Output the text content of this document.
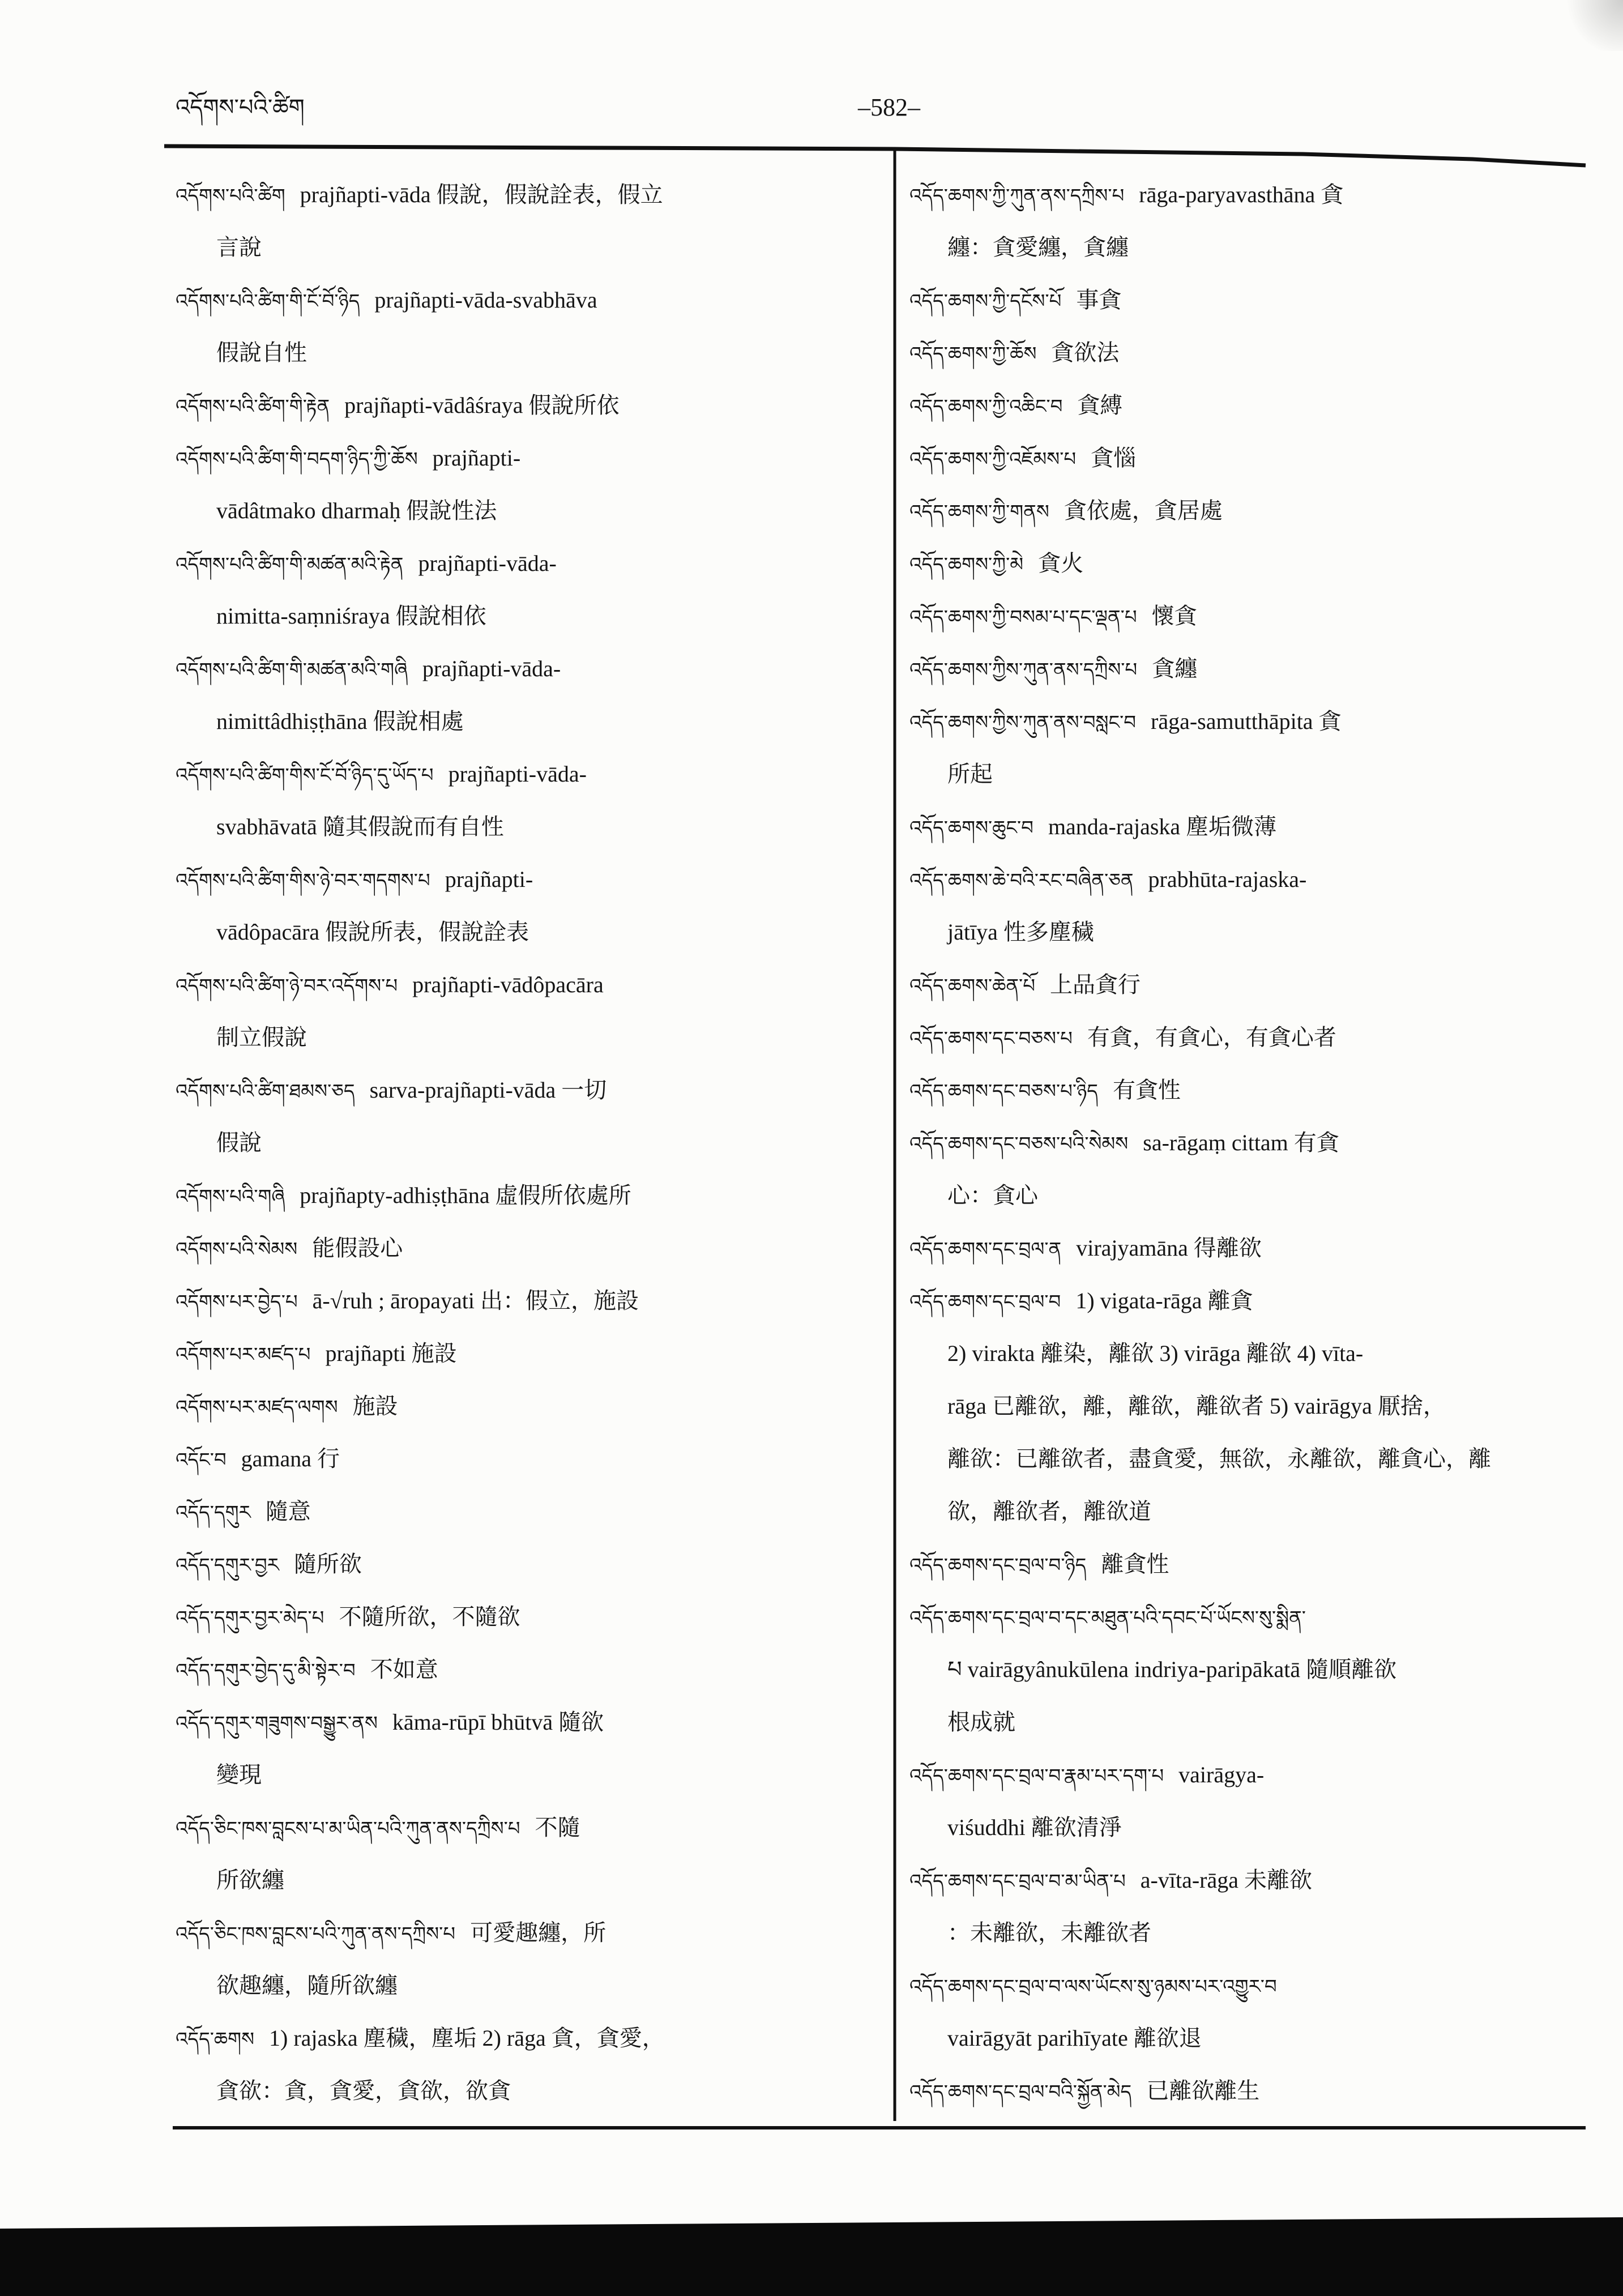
འདོགས་པའི་ཚིག	–582–
འདོགས་པའི་ཚིག prajñapti-vāda 假說，假說詮表，假立
言說
འདོགས་པའི་ཚིག་གི་ངོ་བོ་ཉིད prajñapti-vāda-svabhāva
假說自性
འདོགས་པའི་ཚིག་གི་རྟེན prajñapti-vādâśraya 假說所依
འདོགས་པའི་ཚིག་གི་བདག་ཉིད་ཀྱི་ཆོས prajñapti-
vādâtmako dharmaḥ 假說性法
འདོགས་པའི་ཚིག་གི་མཚན་མའི་རྟེན prajñapti-vāda-
nimitta-saṃniśraya 假說相依
འདོགས་པའི་ཚིག་གི་མཚན་མའི་གཞི prajñapti-vāda-
nimittâdhiṣṭhāna 假說相處
འདོགས་པའི་ཚིག་གིས་ངོ་བོ་ཉིད་དུ་ཡོད་པ prajñapti-vāda-
svabhāvatā 隨其假說而有自性
འདོགས་པའི་ཚིག་གིས་ཉེ་བར་གདགས་པ prajñapti-
vādôpacāra 假說所表，假說詮表
འདོགས་པའི་ཚིག་ཉེ་བར་འདོགས་པ prajñapti-vādôpacāra
制立假說
འདོགས་པའི་ཚིག་ཐམས་ཅད sarva-prajñapti-vāda 一切
假說
འདོགས་པའི་གཞི prajñapty-adhiṣṭhāna 虛假所依處所
འདོགས་པའི་སེམས 能假設心
འདོགས་པར་བྱེད་པ ā-√ruh ; āropayati 出：假立，施設
འདོགས་པར་མཛད་པ prajñapti 施設
འདོགས་པར་མཛད་ལགས 施設
འདོང་བ gamana 行
འདོད་དགུར 隨意
འདོད་དགུར་བྱར 隨所欲
འདོད་དགུར་བྱར་མེད་པ 不隨所欲，不隨欲
འདོད་དགུར་བྱེད་དུ་མི་སྟེར་བ 不如意
འདོད་དགུར་གཟུགས་བསྒྱུར་ནས kāma-rūpī bhūtvā 隨欲
變現
འདོད་ཅིང་ཁས་བླངས་པ་མ་ཡིན་པའི་ཀུན་ནས་དཀྲིས་པ 不隨
所欲纏
འདོད་ཅིང་ཁས་བླངས་པའི་ཀུན་ནས་དཀྲིས་པ 可愛趣纏，所
欲趣纏，隨所欲纏
འདོད་ཆགས 1) rajaska 塵穢，塵垢 2) rāga 貪，貪愛，
貪欲：貪，貪愛，貪欲，欲貪
འདོད་ཆགས་ཀྱི་ཀུན་ནས་དཀྲིས་པ rāga-paryavasthāna 貪
纏：貪愛纏，貪纏
འདོད་ཆགས་ཀྱི་དངོས་པོ 事貪
འདོད་ཆགས་ཀྱི་ཆོས 貪欲法
འདོད་ཆགས་ཀྱི་འཆིང་བ 貪縛
འདོད་ཆགས་ཀྱི་འཇོམས་པ 貪惱
འདོད་ཆགས་ཀྱི་གནས 貪依處，貪居處
འདོད་ཆགས་ཀྱི་མེ 貪火
འདོད་ཆགས་ཀྱི་བསམ་པ་དང་ལྡན་པ 懷貪
འདོད་ཆགས་ཀྱིས་ཀུན་ནས་དཀྲིས་པ 貪纏
འདོད་ཆགས་ཀྱིས་ཀུན་ནས་བསླང་བ rāga-samutthāpita 貪
所起
འདོད་ཆགས་ཆུང་བ manda-rajaska 塵垢微薄
འདོད་ཆགས་ཆེ་བའི་རང་བཞིན་ཅན prabhūta-rajaska-
jātīya 性多塵穢
འདོད་ཆགས་ཆེན་པོ 上品貪行
འདོད་ཆགས་དང་བཅས་པ 有貪，有貪心，有貪心者
འདོད་ཆགས་དང་བཅས་པ་ཉིད 有貪性
འདོད་ཆགས་དང་བཅས་པའི་སེམས sa-rāgaṃ cittam 有貪
心：貪心
འདོད་ཆགས་དང་བྲལ་ན virajyamāna 得離欲
འདོད་ཆགས་དང་བྲལ་བ 1) vigata-rāga 離貪
2) virakta 離染，離欲 3) virāga 離欲 4) vīta-
rāga 已離欲，離，離欲，離欲者 5) vairāgya 厭捨，
離欲：已離欲者，盡貪愛，無欲，永離欲，離貪心，離
欲，離欲者，離欲道
འདོད་ཆགས་དང་བྲལ་བ་ཉིད 離貪性
འདོད་ཆགས་དང་བྲལ་བ་དང་མཐུན་པའི་དབང་པོ་ཡོངས་སུ་སྨིན་
པ vairāgyânukūlena indriya-paripākatā 隨順離欲
根成就
འདོད་ཆགས་དང་བྲལ་བ་རྣམ་པར་དག་པ vairāgya-
viśuddhi 離欲清淨
འདོད་ཆགས་དང་བྲལ་བ་མ་ཡིན་པ a-vīta-rāga 未離欲
：未離欲，未離欲者
འདོད་ཆགས་དང་བྲལ་བ་ལས་ཡོངས་སུ་ཉམས་པར་འགྱུར་བ
vairāgyāt parihīyate 離欲退
འདོད་ཆགས་དང་བྲལ་བའི་སྐྱོན་མེད 已離欲離生
